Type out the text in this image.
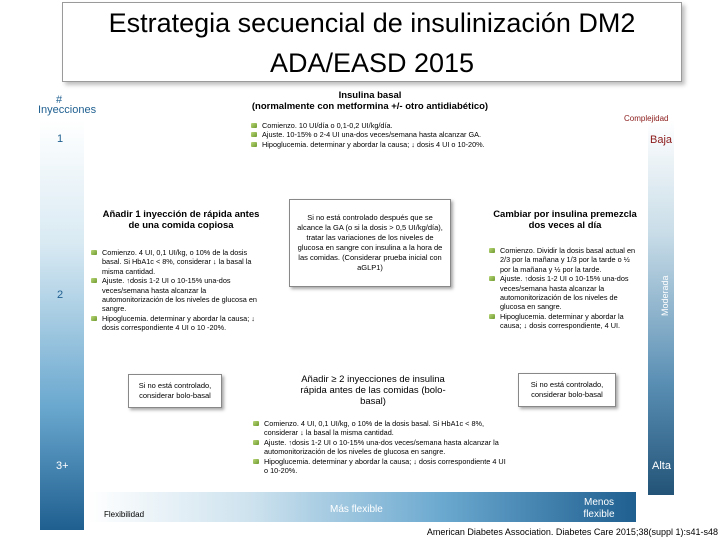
Estrategia secuencial de insulinización DM2
ADA/EASD 2015
#
Inyecciones
1
2
3+
Complejidad
Baja
Moderada
Alta
Flexibilidad	Más flexible
Menos flexible
Insulina basal
(normalmente con metformina +/- otro antidiabético)
Comienzo. 10 UI/día o 0,1-0,2 UI/kg/día.
Ajuste. 10-15% o 2-4 UI una-dos veces/semana hasta alcanzar GA.
Hipoglucemia. determinar y abordar la causa; ↓ dosis 4 UI o 10-20%.
Si no está controlado después que se alcance la GA (o si la dosis > 0,5 UI/kg/día), tratar las variaciones de los niveles de glucosa en sangre con insulina a la hora de las comidas. (Considerar prueba inicial con aGLP1)
Añadir 1 inyección de rápida antes de una comida copiosa
Comienzo. 4 UI, 0,1 UI/kg, o 10% de la dosis basal. Si HbA1c < 8%, considerar ↓ la basal la misma cantidad.
Ajuste. ↑dosis 1-2 UI o 10-15% una-dos veces/semana hasta alcanzar la automonitorización de los niveles de glucosa en sangre.
Hipoglucemia. determinar y abordar la causa; ↓ dosis correspondiente 4 UI o 10 -20%.
Si no está controlado, considerar bolo-basal
Cambiar por insulina premezcla dos veces al día
Comienzo. Dividir la dosis basal actual en 2/3 por la mañana y 1/3 por la tarde o ½ por la mañana y ½ por la tarde.
Ajuste. ↑dosis 1-2 UI o 10-15% una-dos veces/semana hasta alcanzar la automonitorización de los niveles de glucosa en sangre.
Hipoglucemia. determinar y abordar la causa; ↓ dosis correspondiente, 4 UI.
Si no está controlado, considerar bolo-basal
Añadir ≥ 2 inyecciones de insulina rápida antes de las comidas (bolo-basal)
Comienzo. 4 UI, 0,1 UI/kg, o 10% de la dosis basal. Si HbA1c < 8%, considerar ↓ la basal la misma cantidad.
Ajuste. ↑dosis 1-2 UI o 10-15% una-dos veces/semana hasta alcanzar la automonitorización de los niveles de glucosa en sangre.
Hipoglucemia. determinar y abordar la causa; ↓ dosis correspondiente 4 UI o 10-20%.
American Diabetes Association. Diabetes Care 2015;38(suppl 1):s41-s48
